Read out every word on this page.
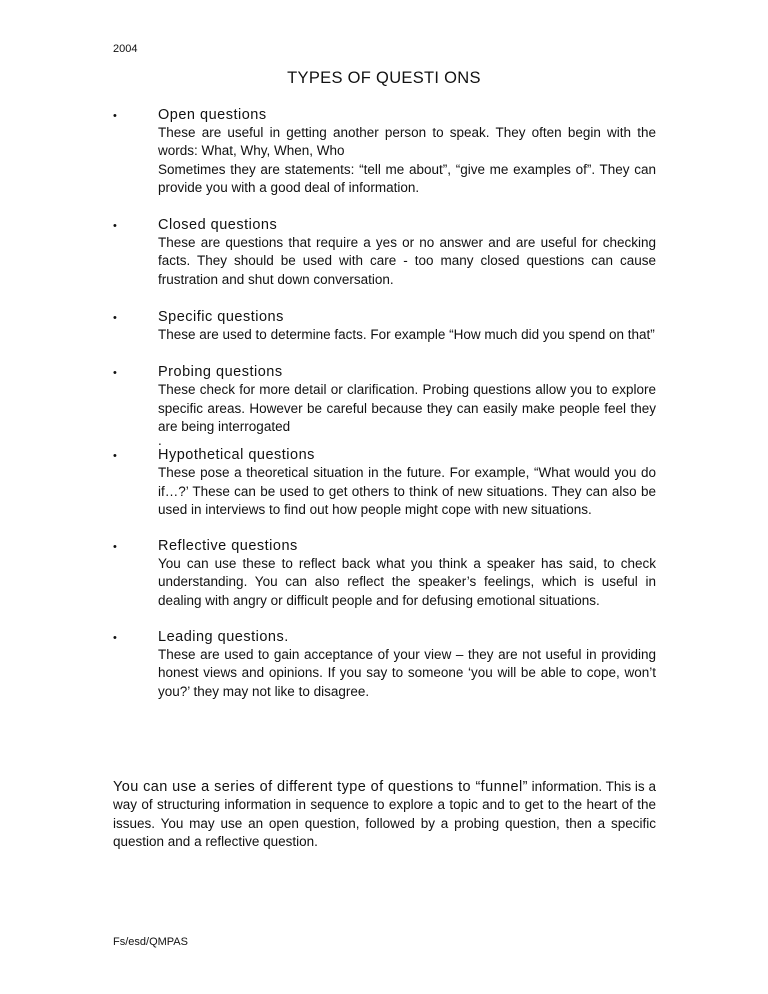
2004
TYPES OF QUESTI ONS
•	Open questions

These are useful in getting another person to speak. They often begin with the words: What, Why, When, Who

Sometimes they are statements: “tell me about”, “give me examples of”. They can provide you with a good deal of information.

•	Closed questions

These are questions that require a yes or no answer and are useful for checking facts. They should be used with care - too many closed questions can cause frustration and shut down conversation.

•	Specific questions

These are used to determine facts. For example “How much did you spend on that”

•	Probing questions

These check for more detail or clarification. Probing questions allow you to explore specific areas. However be careful because they can easily make people feel they are being interrogated

.
•	Hypothetical questions

These pose a theoretical situation in the future. For example, “What would you do if…?’ These can be used to get others to think of new situations. They can also be used in interviews to find out how people might cope with new situations.

•	Reflective questions

You can use these to reflect back what you think a speaker has said, to check understanding. You can also reflect the speaker’s feelings, which is useful in dealing with angry or difficult people and for defusing emotional situations.

•	Leading questions.

These are used to gain acceptance of your view – they are not useful in providing honest views and opinions. If you say to someone ‘you will be able to cope, won’t you?’ they may not like to disagree.

You can use a series of different type of questions to “funnel” information. This is a way of structuring information in sequence to explore a topic and to get to the heart of the issues. You may use an open question, followed by a probing question, then a specific question and a reflective question.
Fs/esd/QMPAS
